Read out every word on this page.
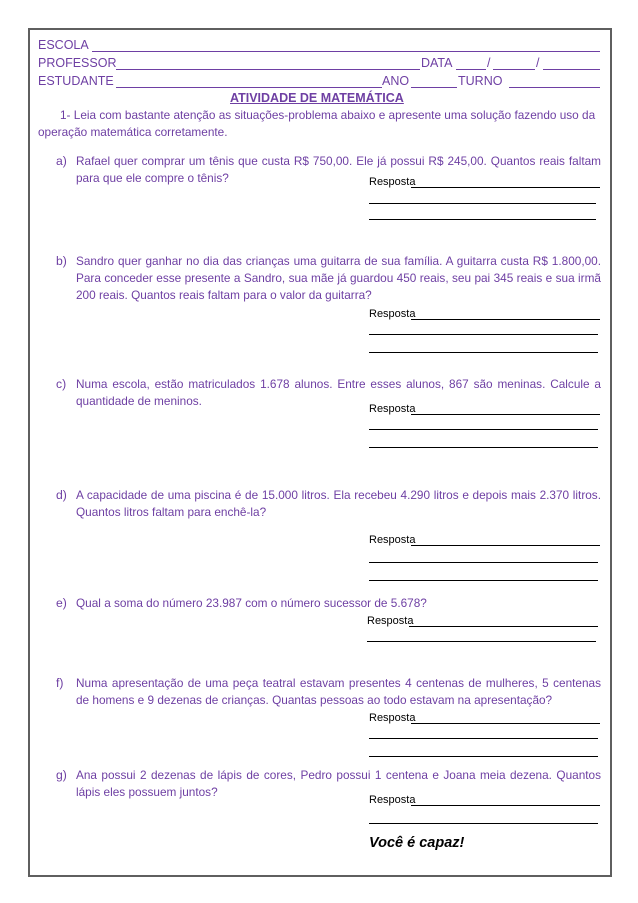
ESCOLA
PROFESSOR	DATA	/	/
ESTUDANTE	ANO	TURNO
ATIVIDADE DE MATEMÁTICA
1- Leia com bastante atenção as situações-problema abaixo e apresente uma solução fazendo uso da operação matemática corretamente.
a) Rafael quer comprar um tênis que custa R$ 750,00. Ele já possui R$ 245,00. Quantos reais faltam para que ele compre o tênis?	Resposta
b) Sandro quer ganhar no dia das crianças uma guitarra de sua família. A guitarra custa R$ 1.800,00. Para conceder esse presente a Sandro, sua mãe já guardou 450 reais, seu pai 345 reais e sua irmã 200 reais. Quantos reais faltam para o valor da guitarra?
Resposta
c) Numa escola, estão matriculados 1.678 alunos. Entre esses alunos, 867 são meninas. Calcule a quantidade de meninos.
Resposta
d) A capacidade de uma piscina é de 15.000 litros. Ela recebeu 4.290 litros e depois mais 2.370 litros. Quantos litros faltam para enchê-la?
Resposta
e) Qual a soma do número 23.987 com o número sucessor de 5.678?
Resposta
f) Numa apresentação de uma peça teatral estavam presentes 4 centenas de mulheres, 5 centenas de homens e 9 dezenas de crianças. Quantas pessoas ao todo estavam na apresentação?
Resposta
g) Ana possui 2 dezenas de lápis de cores, Pedro possui 1 centena e Joana meia dezena. Quantos lápis eles possuem juntos?
Resposta
Você é capaz!
